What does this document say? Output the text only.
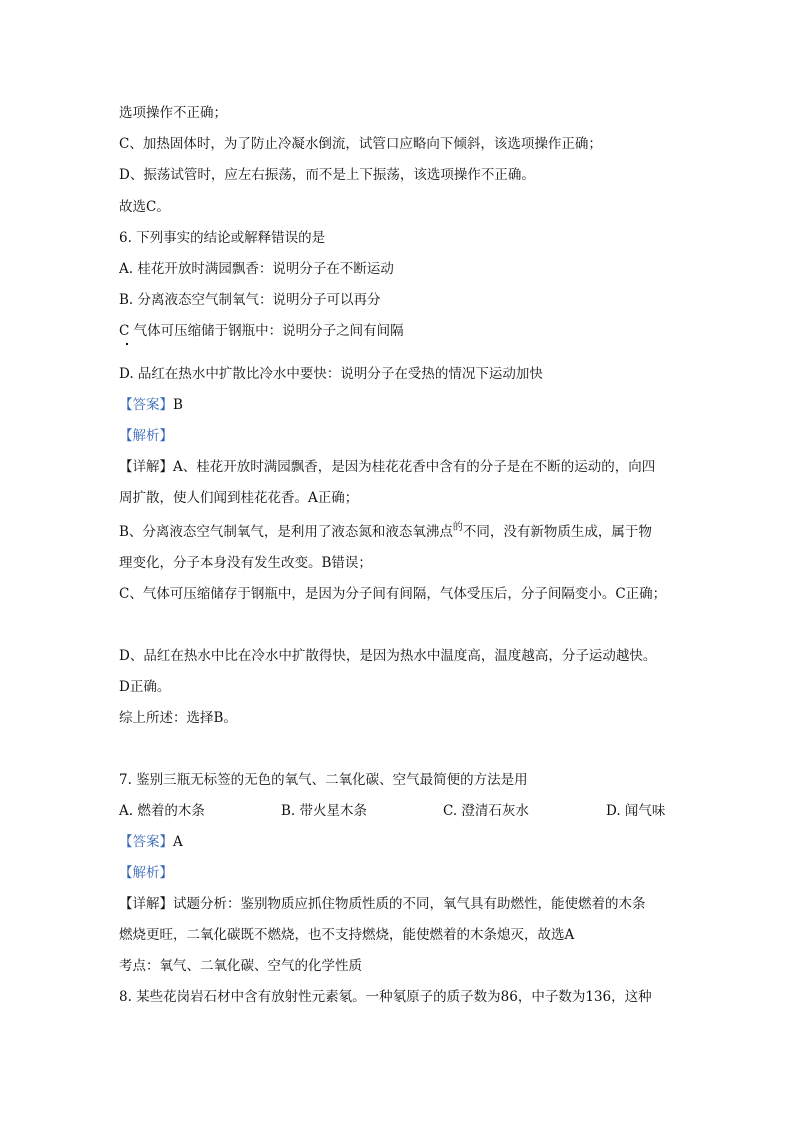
选项操作不正确；
C、加热固体时，为了防止冷凝水倒流，试管口应略向下倾斜，该选项操作正确；
D、振荡试管时，应左右振荡，而不是上下振荡，该选项操作不正确。
故选C。
6. 下列事实的结论或解释错误的是
A. 桂花开放时满园飘香：说明分子在不断运动
B. 分离液态空气制氧气：说明分子可以再分
C 气体可压缩储于钢瓶中：说明分子之间有间隔
D. 品红在热水中扩散比冷水中要快：说明分子在受热的情况下运动加快
【答案】B
【解析】
【详解】A、桂花开放时满园飘香，是因为桂花花香中含有的分子是在不断的运动的，向四
周扩散，使人们闻到桂花花香。A正确；
B、分离液态空气制氧气，是利用了液态氮和液态氧沸点$^的$不同，没有新物质生成，属于物
理变化，分子本身没有发生改变。B错误；
C、气体可压缩储存于钢瓶中，是因为分子间有间隔，气体受压后，分子间隔变小。C正确；
D、品红在热水中比在冷水中扩散得快，是因为热水中温度高，温度越高，分子运动越快。
D正确。
综上所述：选择B。
7. 鉴别三瓶无标签的无色的氧气、二氧化碳、空气最简便的方法是用
A. 燃着的木条	B. 带火星木条	C. 澄清石灰水	D. 闻气味
【答案】A
【解析】
【详解】试题分析：鉴别物质应抓住物质性质的不同，氧气具有助燃性，能使燃着的木条
燃烧更旺，二氧化碳既不燃烧，也不支持燃烧，能使燃着的木条熄灭，故选A
考点：氧气、二氧化碳、空气的化学性质
8. 某些花岗岩石材中含有放射性元素氡。一种氡原子的质子数为86，中子数为136，这种
